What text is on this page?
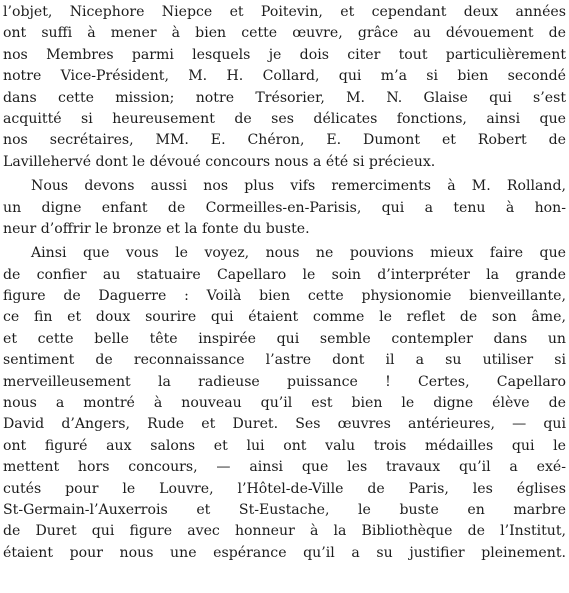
l’objet, Nicephore Niepce et Poitevin, et cependant deux années
ont suffi à mener à bien cette œuvre, grâce au dévouement de
nos Membres parmi lesquels je dois citer tout particulièrement
notre Vice-Président, M. H. Collard, qui m’a si bien secondé
dans cette mission; notre Trésorier, M. N. Glaise qui s’est
acquitté si heureusement de ses délicates fonctions, ainsi que
nos secrétaires, MM. E. Chéron, E. Dumont et Robert de
Lavillehervé dont le dévoué concours nous a été si précieux.
Nous devons aussi nos plus vifs remerciments à M. Rolland,
un digne enfant de Cormeilles-en-Parisis, qui a tenu à hon-
neur d’offrir le bronze et la fonte du buste.
Ainsi que vous le voyez, nous ne pouvions mieux faire que
de confier au statuaire Capellaro le soin d’interpréter la grande
figure de Daguerre : Voilà bien cette physionomie bienveillante,
ce fin et doux sourire qui étaient comme le reflet de son âme,
et cette belle tête inspirée qui semble contempler dans un
sentiment de reconnaissance l’astre dont il a su utiliser si
merveilleusement la radieuse puissance ! Certes, Capellaro
nous a montré à nouveau qu’il est bien le digne élève de
David d’Angers, Rude et Duret. Ses œuvres antérieures, — qui
ont figuré aux salons et lui ont valu trois médailles qui le
mettent hors concours, — ainsi que les travaux qu’il a exé-
cutés pour le Louvre, l’Hôtel-de-Ville de Paris, les églises
St-Germain-l’Auxerrois et St-Eustache, le buste en marbre
de Duret qui figure avec honneur à la Bibliothèque de l’Institut,
étaient pour nous une espérance qu’il a su justifier pleinement.
